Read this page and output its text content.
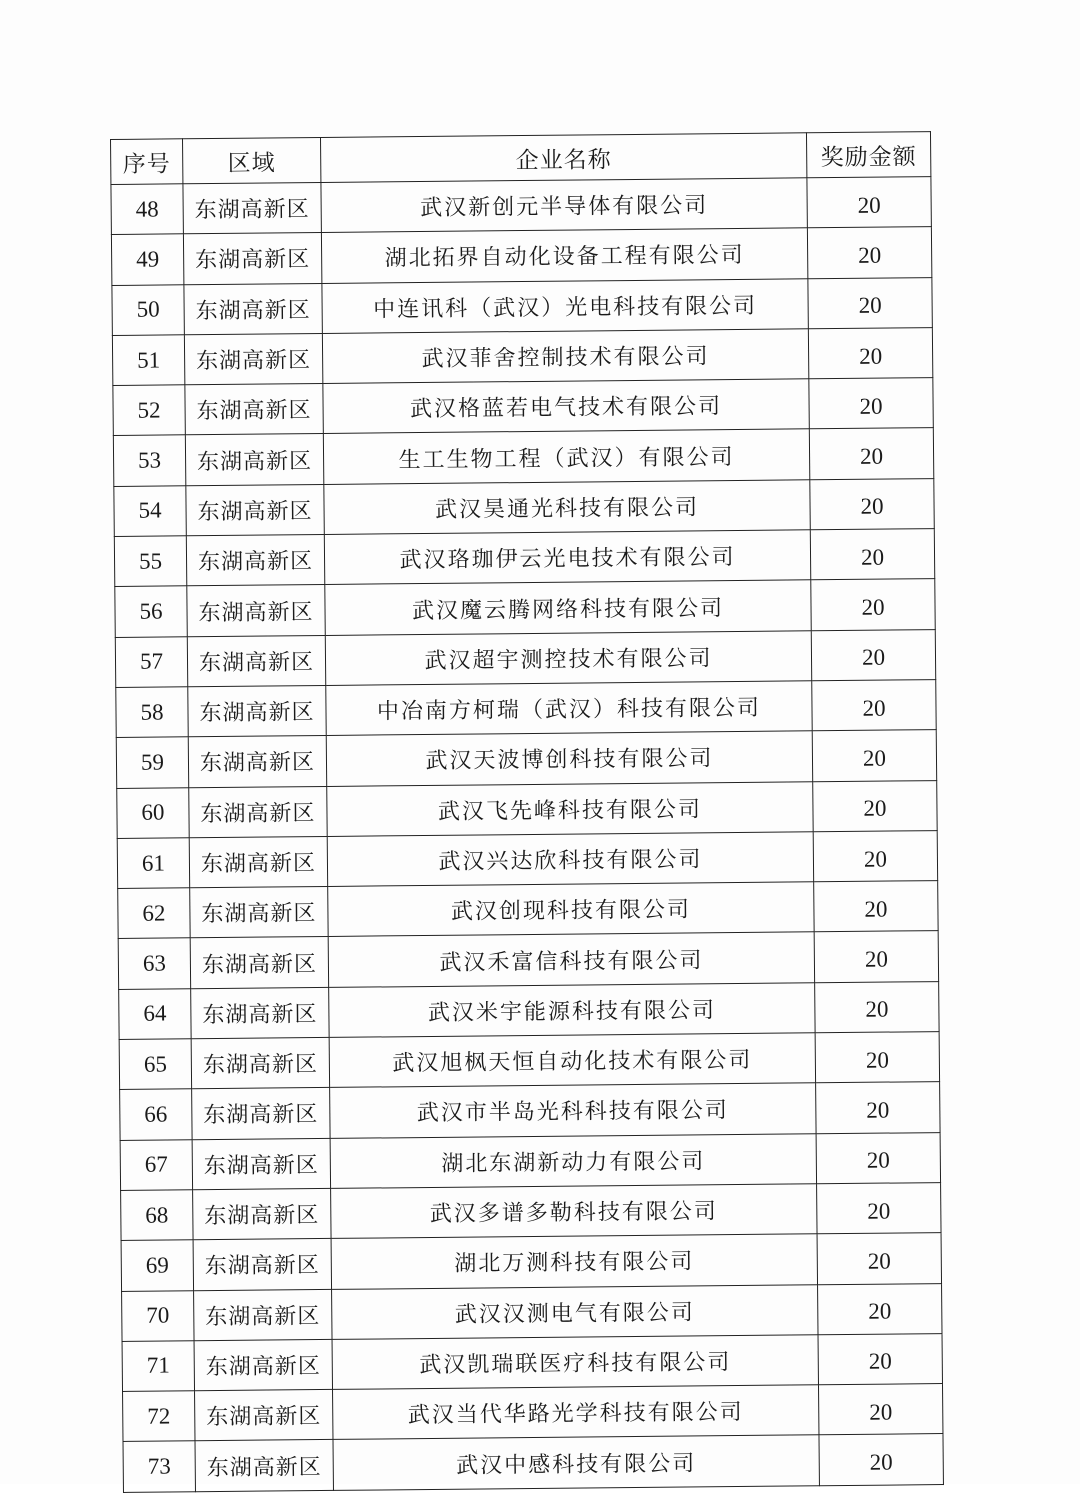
序号	区域	企业名称	奖励金额
48	东湖高新区	武汉新创元半导体有限公司	20
49	东湖高新区	湖北拓界自动化设备工程有限公司	20
50	东湖高新区	中连讯科（武汉）光电科技有限公司	20
51	东湖高新区	武汉菲舍控制技术有限公司	20
52	东湖高新区	武汉格蓝若电气技术有限公司	20
53	东湖高新区	生工生物工程（武汉）有限公司	20
54	东湖高新区	武汉昊通光科技有限公司	20
55	东湖高新区	武汉珞珈伊云光电技术有限公司	20
56	东湖高新区	武汉魔云腾网络科技有限公司	20
57	东湖高新区	武汉超宇测控技术有限公司	20
58	东湖高新区	中冶南方柯瑞（武汉）科技有限公司	20
59	东湖高新区	武汉天波博创科技有限公司	20
60	东湖高新区	武汉飞先峰科技有限公司	20
61	东湖高新区	武汉兴达欣科技有限公司	20
62	东湖高新区	武汉创现科技有限公司	20
63	东湖高新区	武汉禾富信科技有限公司	20
64	东湖高新区	武汉米宇能源科技有限公司	20
65	东湖高新区	武汉旭枫天恒自动化技术有限公司	20
66	东湖高新区	武汉市半岛光科科技有限公司	20
67	东湖高新区	湖北东湖新动力有限公司	20
68	东湖高新区	武汉多谱多勒科技有限公司	20
69	东湖高新区	湖北万测科技有限公司	20
70	东湖高新区	武汉汉测电气有限公司	20
71	东湖高新区	武汉凯瑞联医疗科技有限公司	20
72	东湖高新区	武汉当代华路光学科技有限公司	20
73	东湖高新区	武汉中感科技有限公司	20
